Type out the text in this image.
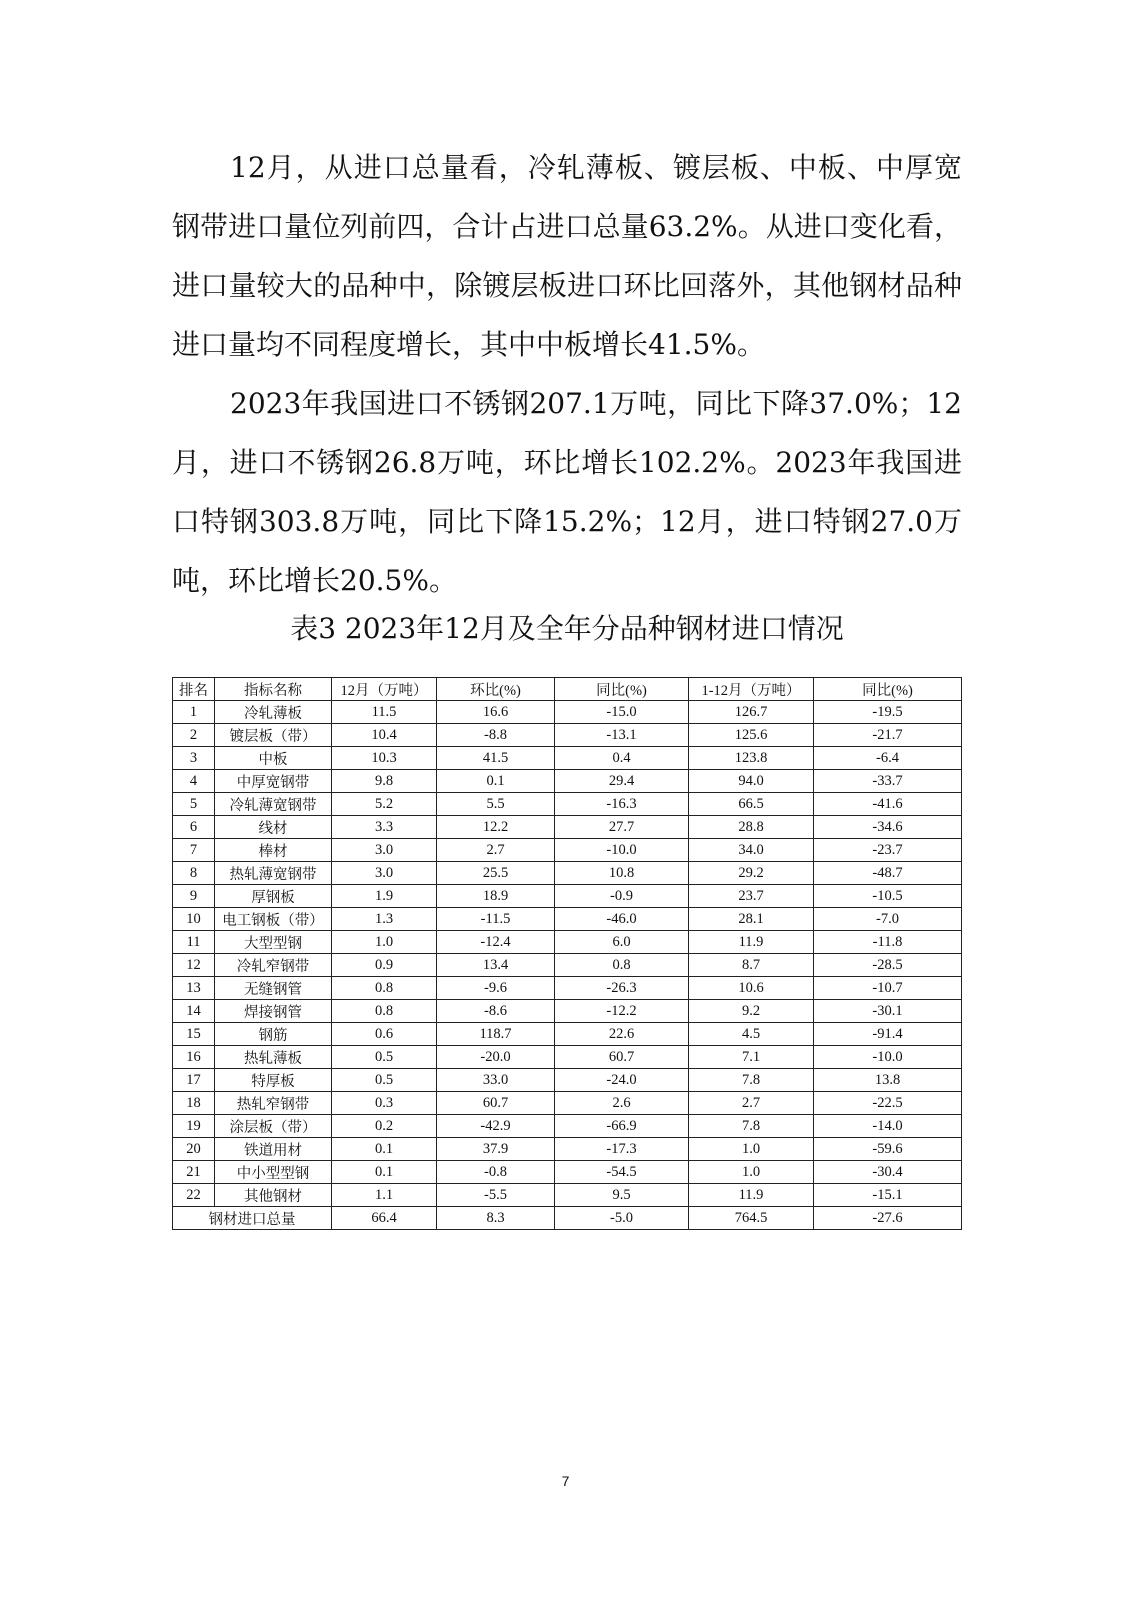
12月，从进口总量看，冷轧薄板、镀层板、中板、中厚宽钢带进口量位列前四，合计占进口总量63.2%。从进口变化看，进口量较大的品种中，除镀层板进口环比回落外，其他钢材品种进口量均不同程度增长，其中中板增长41.5%。

2023年我国进口不锈钢207.1万吨，同比下降37.0%；12月，进口不锈钢26.8万吨，环比增长102.2%。2023年我国进口特钢303.8万吨，同比下降15.2%；12月，进口特钢27.0万吨，环比增长20.5%。

表3 2023年12月及全年分品种钢材进口情况
排名	指标名称	12月（万吨）	环比(%)	同比(%)	1-12月（万吨）	同比(%)
1	冷轧薄板	11.5	16.6	-15.0	126.7	-19.5
2	镀层板（带）	10.4	-8.8	-13.1	125.6	-21.7
3	中板	10.3	41.5	0.4	123.8	-6.4
4	中厚宽钢带	9.8	0.1	29.4	94.0	-33.7
5	冷轧薄宽钢带	5.2	5.5	-16.3	66.5	-41.6
6	线材	3.3	12.2	27.7	28.8	-34.6
7	棒材	3.0	2.7	-10.0	34.0	-23.7
8	热轧薄宽钢带	3.0	25.5	10.8	29.2	-48.7
9	厚钢板	1.9	18.9	-0.9	23.7	-10.5
10	电工钢板（带）	1.3	-11.5	-46.0	28.1	-7.0
11	大型型钢	1.0	-12.4	6.0	11.9	-11.8
12	冷轧窄钢带	0.9	13.4	0.8	8.7	-28.5
13	无缝钢管	0.8	-9.6	-26.3	10.6	-10.7
14	焊接钢管	0.8	-8.6	-12.2	9.2	-30.1
15	钢筋	0.6	118.7	22.6	4.5	-91.4
16	热轧薄板	0.5	-20.0	60.7	7.1	-10.0
17	特厚板	0.5	33.0	-24.0	7.8	13.8
18	热轧窄钢带	0.3	60.7	2.6	2.7	-22.5
19	涂层板（带）	0.2	-42.9	-66.9	7.8	-14.0
20	铁道用材	0.1	37.9	-17.3	1.0	-59.6
21	中小型型钢	0.1	-0.8	-54.5	1.0	-30.4
22	其他钢材	1.1	-5.5	9.5	11.9	-15.1
钢材进口总量		66.4	8.3	-5.0	764.5	-27.6
7
